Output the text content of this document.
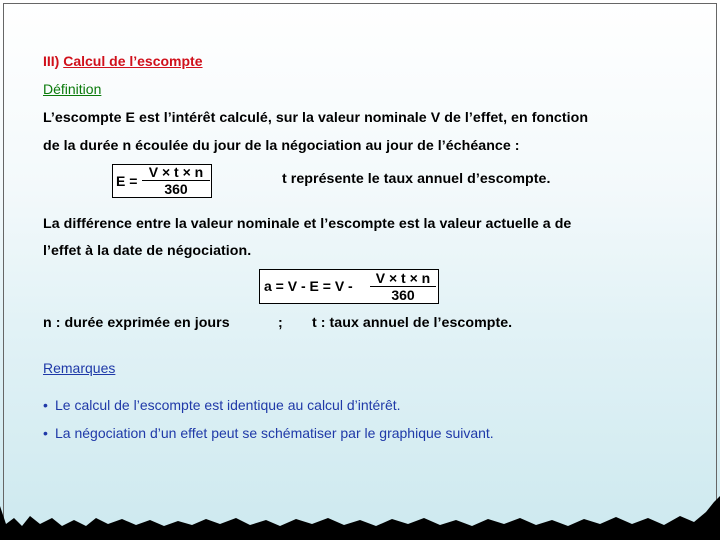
III) Calcul de l’escompte
Définition
L’escompte E est l’intérêt calculé, sur la valeur nominale V de l’effet, en fonction
de la durée n écoulée du jour de la négociation au jour de l’échéance :
$E = \frac{V \times t \times n}{360}$	t représente le taux annuel d’escompte.
La différence entre la valeur nominale et l’escompte est la valeur actuelle a de
l’effet à la date de négociation.
$a = V - E = V - \frac{V \times t \times n}{360}$
n : durée exprimée en jours	; t : taux annuel de l’escompte.
Remarques
• Le calcul de l’escompte est identique au calcul d’intérêt.
• La négociation d’un effet peut se schématiser par le graphique suivant.
